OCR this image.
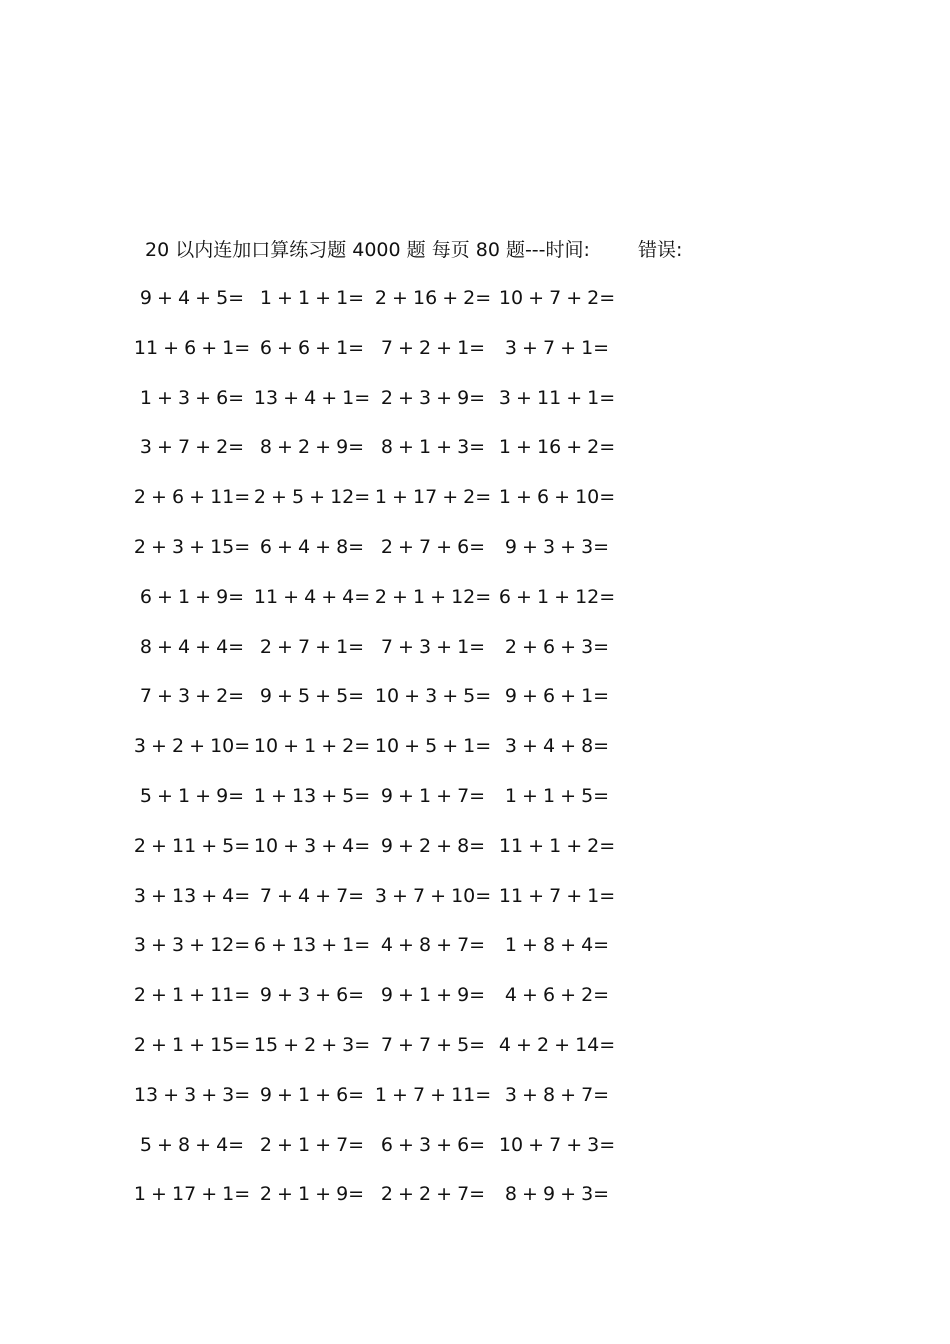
20 以内连加口算练习题 4000 题 每页 80 题---时间:	错误:
9 + 4 + 5=
11 + 6 + 1=
1 + 3 + 6=
3 + 7 + 2=
2 + 6 + 11=
2 + 3 + 15=
6 + 1 + 9=
8 + 4 + 4=
7 + 3 + 2=
3 + 2 + 10=
5 + 1 + 9=
2 + 11 + 5=
3 + 13 + 4=
3 + 3 + 12=
2 + 1 + 11=
2 + 1 + 15=
13 + 3 + 3=
5 + 8 + 4=
1 + 17 + 1=
1 + 1 + 1=
6 + 6 + 1=
13 + 4 + 1=
8 + 2 + 9=
2 + 5 + 12=
6 + 4 + 8=
11 + 4 + 4=
2 + 7 + 1=
9 + 5 + 5=
10 + 1 + 2=
1 + 13 + 5=
10 + 3 + 4=
7 + 4 + 7=
6 + 13 + 1=
9 + 3 + 6=
15 + 2 + 3=
9 + 1 + 6=
2 + 1 + 7=
2 + 1 + 9=
2 + 16 + 2=
7 + 2 + 1=
2 + 3 + 9=
8 + 1 + 3=
1 + 17 + 2=
2 + 7 + 6=
2 + 1 + 12=
7 + 3 + 1=
10 + 3 + 5=
10 + 5 + 1=
9 + 1 + 7=
9 + 2 + 8=
3 + 7 + 10=
4 + 8 + 7=
9 + 1 + 9=
7 + 7 + 5=
1 + 7 + 11=
6 + 3 + 6=
2 + 2 + 7=
10 + 7 + 2=
3 + 7 + 1=
3 + 11 + 1=
1 + 16 + 2=
1 + 6 + 10=
9 + 3 + 3=
6 + 1 + 12=
2 + 6 + 3=
9 + 6 + 1=
3 + 4 + 8=
1 + 1 + 5=
11 + 1 + 2=
11 + 7 + 1=
1 + 8 + 4=
4 + 6 + 2=
4 + 2 + 14=
3 + 8 + 7=
10 + 7 + 3=
8 + 9 + 3=
